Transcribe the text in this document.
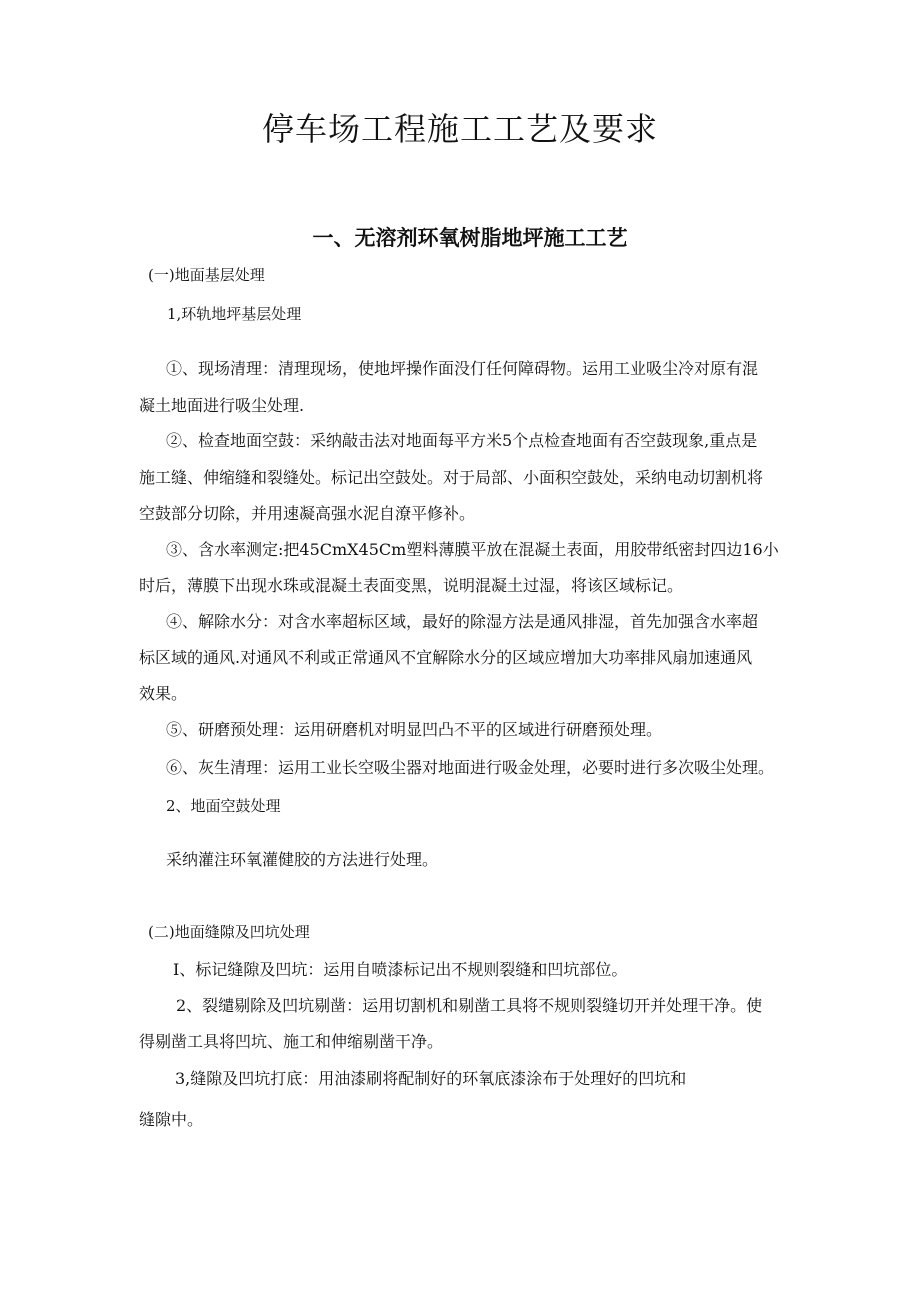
停车场工程施工工艺及要求
一、无溶剂环氧树脂地坪施工工艺
(一)地面基层处理
1,环轨地坪基层处理
①、现场清理：清理现场，使地坪操作面没仃任何障碍物。运用工业吸尘冷对原有混
凝土地面进行吸尘处理.
②、检查地面空鼓：采纳敲击法对地面每平方米5个点检查地面有否空鼓现象,重点是
施工缝、伸缩缝和裂缝处。标记出空鼓处。对于局部、小面积空鼓处，采纳电动切割机将
空鼓部分切除，并用速凝高强水泥自潦平修补。
③、含水率测定:把45CmX45Cm塑料薄膜平放在混凝土表面，用胶带纸密封四边16小
时后，薄膜下出现水珠或混凝土表面变黑，说明混凝土过湿，将该区域标记。
④、解除水分：对含水率超标区域，最好的除湿方法是通风排湿，首先加强含水率超
标区域的通风.对通风不利或正常通风不宜解除水分的区域应增加大功率排风扇加速通风
效果。
⑤、研磨预处理：运用研磨机对明显凹凸不平的区域进行研磨预处理。
⑥、灰生清理：运用工业长空吸尘器对地面进行吸金处理，必要时进行多次吸尘处理。
2、地面空鼓处理
采纳灌注环氧灌健胶的方法进行处理。
(二)地面缝隙及凹坑处理
I、标记缝隙及凹坑：运用自喷漆标记出不规则裂缝和凹坑部位。
2、裂缱剔除及凹坑剔凿：运用切割机和剔凿工具将不规则裂缝切开并处理干净。使
得剔凿工具将凹坑、施工和伸缩剔凿干净。
3,缝隙及凹坑打底：用油漆刷将配制好的环氧底漆涂布于处理好的凹坑和
缝隙中。
